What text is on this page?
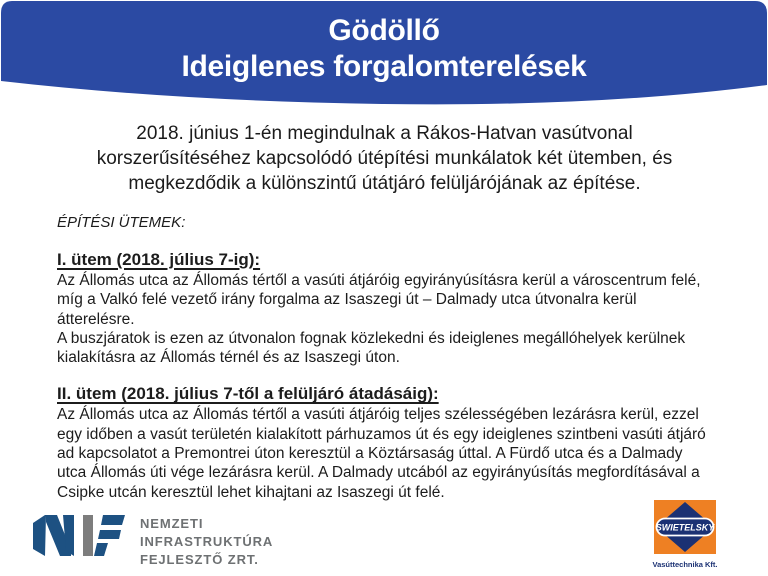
Gödöllő
Ideiglenes forgalomterelések
2018. június 1-én megindulnak a Rákos-Hatvan vasútvonal korszerűsítéséhez kapcsolódó útépítési munkálatok két ütemben, és megkezdődik a különszintű útátjáró felüljárójának az építése.
ÉPÍTÉSI ÜTEMEK:
I. ütem (2018. július 7-ig):

Az Állomás utca az Állomás tértől a vasúti átjáróig egyirányúsításra kerül a városcentrum felé, míg a Valkó felé vezető irány forgalma az Isaszegi út – Dalmady utca útvonalra kerül átterelésre.

A buszjáratok is ezen az útvonalon fognak közlekedni és ideiglenes megállóhelyek kerülnek kialakításra az Állomás térnél és az Isaszegi úton.

II. ütem (2018. július 7-től a felüljáró átadásáig):

Az Állomás utca az Állomás tértől a vasúti átjáróig teljes szélességében lezárásra kerül, ezzel egy időben a vasút területén kialakított párhuzamos út és egy ideiglenes szintbeni vasúti átjáró ad kapcsolatot a Premontrei úton keresztül a Köztársaság úttal. A Fürdő utca és a Dalmady utca Állomás úti vége lezárásra kerül. A Dalmady utcából az egyirányúsítás megfordításával a Csipke utcán keresztül lehet kihajtani az Isaszegi út felé.

NEMZETI
INFRASTRUKTÚRA
FEJLESZTŐ ZRT.
SWIETELSKY
Vasúttechnika Kft.
